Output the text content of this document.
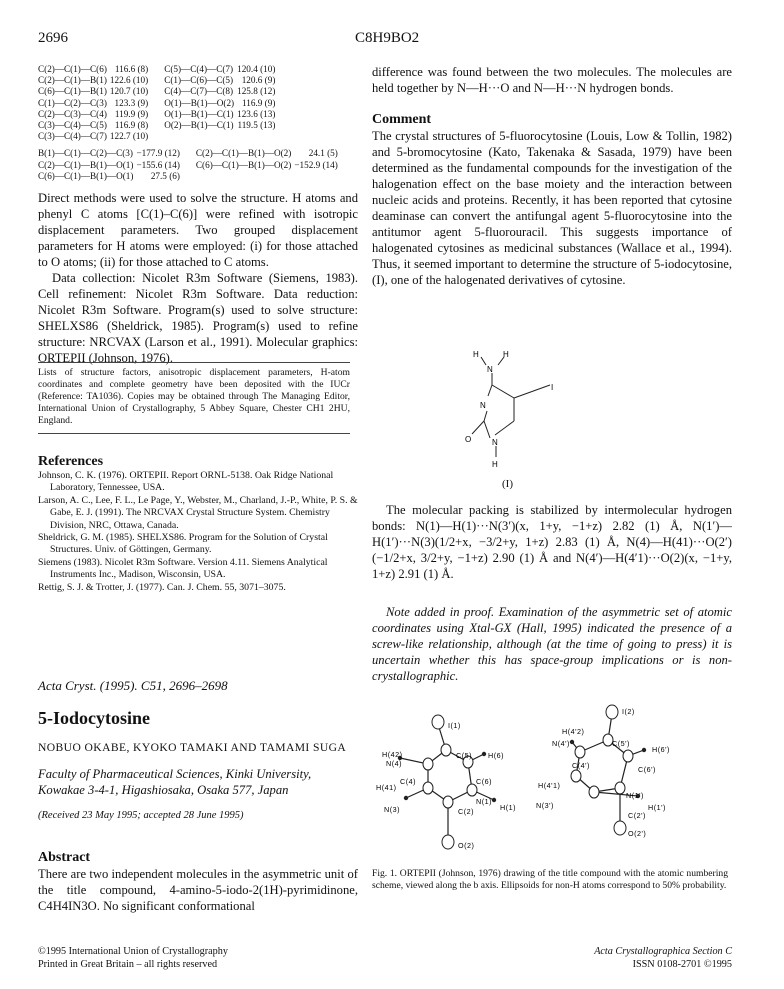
2696	C8H9BO2
C(2)—C(1)—C(6)	116.6 (8)	C(5)—C(4)—C(7)	120.4 (10)
C(2)—C(1)—B(1)	122.6 (10)	C(1)—C(6)—C(5)	120.6 (9)
C(6)—C(1)—B(1)	120.7 (10)	C(4)—C(7)—C(8)	125.8 (12)
C(1)—C(2)—C(3)	123.3 (9)	O(1)—B(1)—O(2)	116.9 (9)
C(2)—C(3)—C(4)	119.9 (9)	O(1)—B(1)—C(1)	123.6 (13)
C(3)—C(4)—C(5)	116.9 (8)	O(2)—B(1)—C(1)	119.5 (13)
C(3)—C(4)—C(7)	122.7 (10)		
B(1)—C(1)—C(2)—C(3)	−177.9 (12)	C(2)—C(1)—B(1)—O(2)	24.1 (5)
C(2)—C(1)—B(1)—O(1)	−155.6 (14)	C(6)—C(1)—B(1)—O(2)	−152.9 (14)
C(6)—C(1)—B(1)—O(1)	27.5 (6)		

Direct methods were used to solve the structure. H atoms and phenyl C atoms [C(1)–C(6)] were refined with isotropic displacement parameters. Two grouped displacement parameters for H atoms were employed: (i) for those attached to O atoms; (ii) for those attached to C atoms.

Data collection: Nicolet R3m Software (Siemens, 1983). Cell refinement: Nicolet R3m Software. Data reduction: Nicolet R3m Software. Program(s) used to solve structure: SHELXS86 (Sheldrick, 1985). Program(s) used to refine structure: NRCVAX (Larson et al., 1991). Molecular graphics: ORTEPII (Johnson, 1976).

Lists of structure factors, anisotropic displacement parameters, H-atom coordinates and complete geometry have been deposited with the IUCr (Reference: TA1036). Copies may be obtained through The Managing Editor, International Union of Crystallography, 5 Abbey Square, Chester CH1 2HU, England.

References

Johnson, C. K. (1976). ORTEPII. Report ORNL-5138. Oak Ridge National Laboratory, Tennessee, USA.

Larson, A. C., Lee, F. L., Le Page, Y., Webster, M., Charland, J.-P., White, P. S. & Gabe, E. J. (1991). The NRCVAX Crystal Structure System. Chemistry Division, NRC, Ottawa, Canada.

Sheldrick, G. M. (1985). SHELXS86. Program for the Solution of Crystal Structures. Univ. of Göttingen, Germany.

Siemens (1983). Nicolet R3m Software. Version 4.11. Siemens Analytical Instruments Inc., Madison, Wisconsin, USA.

Rettig, S. J. & Trotter, J. (1977). Can. J. Chem. 55, 3071–3075.

Acta Cryst. (1995). C51, 2696–2698
5-Iodocytosine
NOBUO OKABE, KYOKO TAMAKI AND TAMAMI SUGA
Faculty of Pharmaceutical Sciences, Kinki University, Kowakae 3-4-1, Higashiosaka, Osaka 577, Japan
(Received 23 May 1995; accepted 28 June 1995)
Abstract

There are two independent molecules in the asymmetric unit of the title compound, 4-amino-5-iodo-2(1H)-pyrimidinone, C4H4IN3O. No significant conformational

©1995 International Union of Crystallography
Printed in Great Britain – all rights reserved

difference was found between the two molecules. The molecules are held together by N—H···O and N—H···N hydrogen bonds.

Comment

The crystal structures of 5-fluorocytosine (Louis, Low & Tollin, 1982) and 5-bromocytosine (Kato, Takenaka & Sasada, 1979) have been determined as the fundamental compounds for the investigation of the halogenation effect on the base moiety and the interaction between nucleic acids and proteins. Recently, it has been reported that cytosine deaminase can convert the antifungal agent 5-fluorocytosine into the antitumor agent 5-fluorouracil. This suggests importance of halogenated cytosines as medicinal substances (Wallace et al., 1994). Thus, it seemed important to determine the structure of 5-iodocytosine, (I), one of the halogenated derivatives of cytosine.

H	H
N
I
N
O	N
H
(I)

The molecular packing is stabilized by intermolecular hydrogen bonds: N(1)—H(1)···N(3′)(x, 1+y, −1+z) 2.82 (1) Å, N(1′)—H(1′)···N(3)(1/2+x, −3/2+y, 1+z) 2.83 (1) Å, N(4)—H(41)···O(2′)(−1/2+x, 3/2+y, −1+z) 2.90 (1) Å and N(4′)—H(4′1)···O(2)(x, −1+y, 1+z) 2.91 (1) Å.

Note added in proof. Examination of the asymmetric set of atomic coordinates using Xtal-GX (Hall, 1995) indicated the presence of a screw-like relationship, although (at the time of going to press) it is uncertain whether this has space-group implications or is non-crystallographic.

I(1)
H(42)
N(4)
C(5) H(6)
H(41)
C(4)	C(6)
N(3)
N(1)
C(2)	H(1)
O(2)
I(2)
H(4'2)
C(5')
N(4')
H(6')
C(6')
C(4')
H(4'1)
N(3')
N(1')
H(1')
C(2')
O(2')

Fig. 1. ORTEPII (Johnson, 1976) drawing of the title compound with the atomic numbering scheme, viewed along the b axis. Ellipsoids for non-H atoms correspond to 50% probability.

Acta Crystallographica Section C
ISSN 0108-2701 ©1995
